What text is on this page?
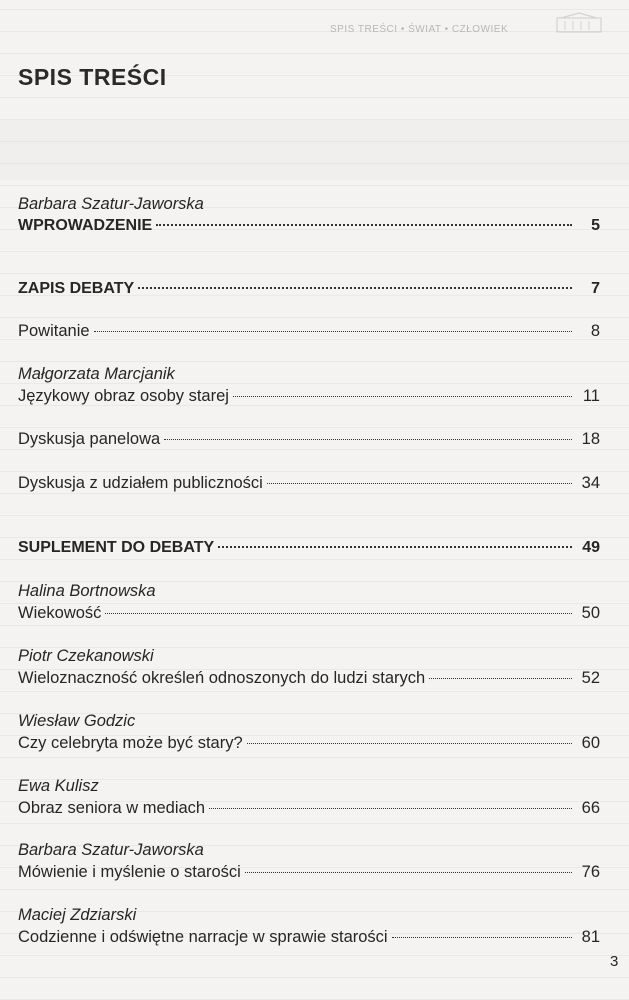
SPIS TREŚCI • ŚWIAT • CZŁOWIEK
SPIS TREŚCI
Barbara Szatur-Jaworska
WPROWADZENIE	5
ZAPIS DEBATY	7
Powitanie	8
Małgorzata Marcjanik
Językowy obraz osoby starej	11
Dyskusja panelowa	18
Dyskusja z udziałem publiczności	34
SUPLEMENT DO DEBATY	49
Halina Bortnowska
Wiekowość	50
Piotr Czekanowski
Wieloznaczność określeń odnoszonych do ludzi starych	52
Wiesław Godzic
Czy celebryta może być stary?	60
Ewa Kulisz
Obraz seniora w mediach	66
Barbara Szatur-Jaworska
Mówienie i myślenie o starości	76
Maciej Zdziarski
Codzienne i odświętne narracje w sprawie starości	81
3
